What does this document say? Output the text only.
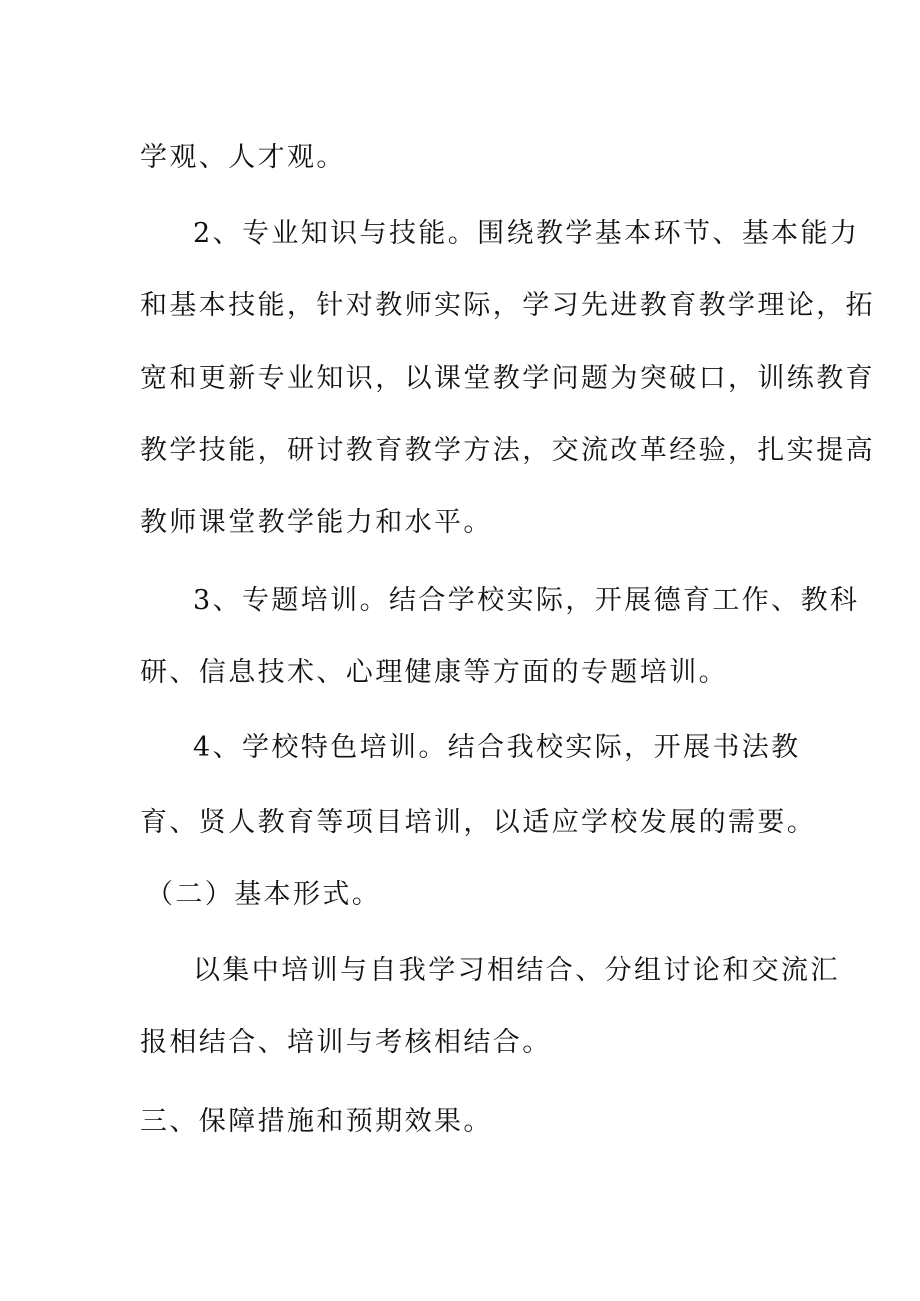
学观、人才观。

2、专业知识与技能。围绕教学基本环节、基本能力

和基本技能，针对教师实际，学习先进教育教学理论，拓

宽和更新专业知识，以课堂教学问题为突破口，训练教育

教学技能，研讨教育教学方法，交流改革经验，扎实提高

教师课堂教学能力和水平。

3、专题培训。结合学校实际，开展德育工作、教科

研、信息技术、心理健康等方面的专题培训。

4、学校特色培训。结合我校实际，开展书法教

育、贤人教育等项目培训，以适应学校发展的需要。

（二）基本形式。

以集中培训与自我学习相结合、分组讨论和交流汇

报相结合、培训与考核相结合。

三、保障措施和预期效果。
